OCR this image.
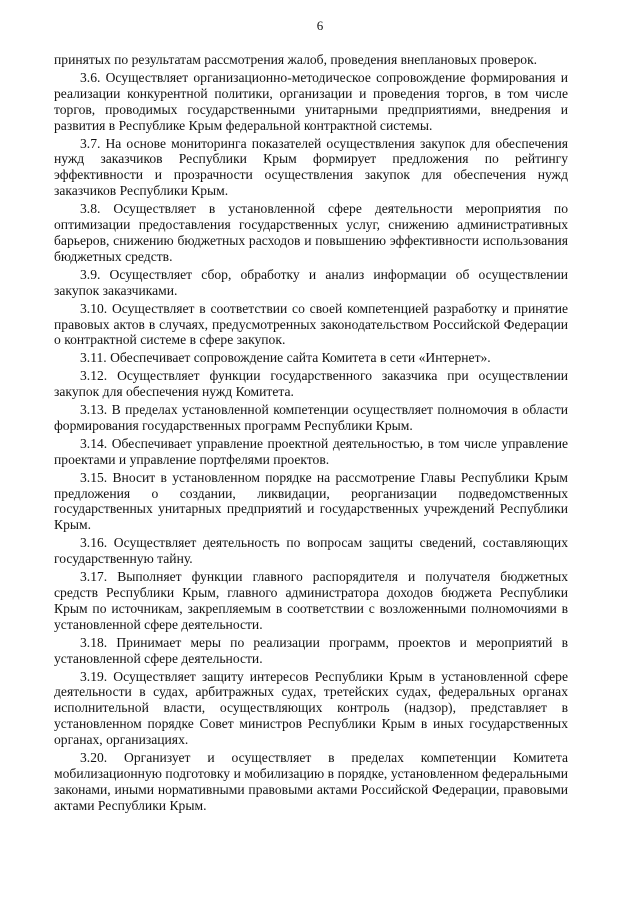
6

принятых по результатам рассмотрения жалоб, проведения внеплановых проверок.

3.6. Осуществляет организационно-методическое сопровождение формирования и реализации конкурентной политики, организации и проведения торгов, в том числе торгов, проводимых государственными унитарными предприятиями, внедрения и развития в Республике Крым федеральной контрактной системы.

3.7. На основе мониторинга показателей осуществления закупок для обеспечения нужд заказчиков Республики Крым формирует предложения по рейтингу эффективности и прозрачности осуществления закупок для обеспечения нужд заказчиков Республики Крым.

3.8. Осуществляет в установленной сфере деятельности мероприятия по оптимизации предоставления государственных услуг, снижению административных барьеров, снижению бюджетных расходов и повышению эффективности использования бюджетных средств.

3.9. Осуществляет сбор, обработку и анализ информации об осуществлении закупок заказчиками.

3.10. Осуществляет в соответствии со своей компетенцией разработку и принятие правовых актов в случаях, предусмотренных законодательством Российской Федерации о контрактной системе в сфере закупок.

3.11. Обеспечивает сопровождение сайта Комитета в сети «Интернет».

3.12. Осуществляет функции государственного заказчика при осуществлении закупок для обеспечения нужд Комитета.

3.13. В пределах установленной компетенции осуществляет полномочия в области формирования государственных программ Республики Крым.

3.14. Обеспечивает управление проектной деятельностью, в том числе управление проектами и управление портфелями проектов.

3.15. Вносит в установленном порядке на рассмотрение Главы Республики Крым предложения о создании, ликвидации, реорганизации подведомственных государственных унитарных предприятий и государственных учреждений Республики Крым.

3.16. Осуществляет деятельность по вопросам защиты сведений, составляющих государственную тайну.

3.17. Выполняет функции главного распорядителя и получателя бюджетных средств Республики Крым, главного администратора доходов бюджета Республики Крым по источникам, закрепляемым в соответствии с возложенными полномочиями в установленной сфере деятельности.

3.18. Принимает меры по реализации программ, проектов и мероприятий в установленной сфере деятельности.

3.19. Осуществляет защиту интересов Республики Крым в установленной сфере деятельности в судах, арбитражных судах, третейских судах, федеральных органах исполнительной власти, осуществляющих контроль (надзор), представляет в установленном порядке Совет министров Республики Крым в иных государственных органах, организациях.

3.20. Организует и осуществляет в пределах компетенции Комитета мобилизационную подготовку и мобилизацию в порядке, установленном федеральными законами, иными нормативными правовыми актами Российской Федерации, правовыми актами Республики Крым.
